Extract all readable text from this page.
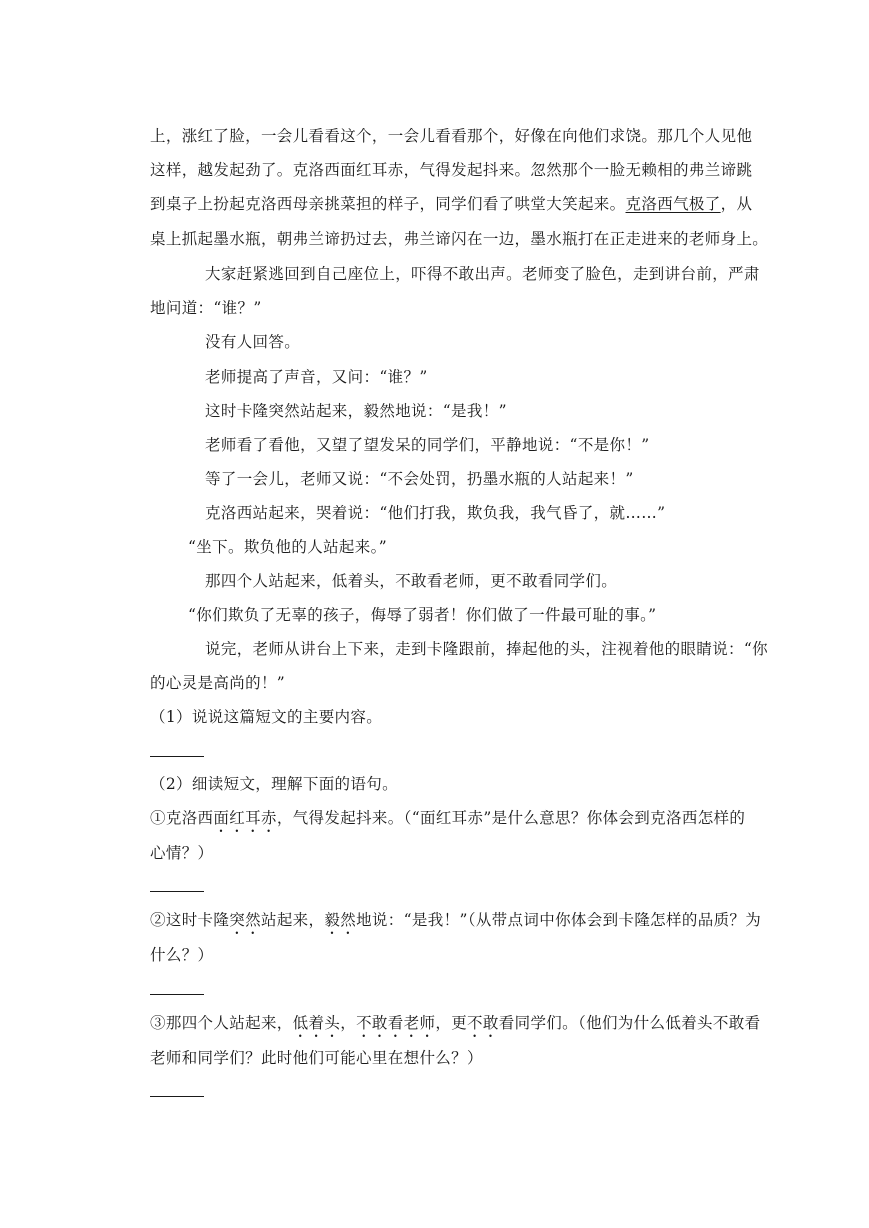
上，涨红了脸，一会儿看看这个，一会儿看看那个，好像在向他们求饶。那几个人见他
这样，越发起劲了。克洛西面红耳赤，气得发起抖来。忽然那个一脸无赖相的弗兰谛跳
到桌子上扮起克洛西母亲挑菜担的样子，同学们看了哄堂大笑起来。克洛西气极了，从
桌上抓起墨水瓶，朝弗兰谛扔过去，弗兰谛闪在一边，墨水瓶打在正走进来的老师身上。
大家赶紧逃回到自己座位上，吓得不敢出声。老师变了脸色，走到讲台前，严肃
地问道：“谁？”
没有人回答。
老师提高了声音，又问：“谁？”
这时卡隆突然站起来，毅然地说：“是我！”
老师看了看他，又望了望发呆的同学们，平静地说：“不是你！”
等了一会儿，老师又说：“不会处罚，扔墨水瓶的人站起来！”
克洛西站起来，哭着说：“他们打我，欺负我，我气昏了，就……”
“坐下。欺负他的人站起来。”
那四个人站起来，低着头，不敢看老师，更不敢看同学们。
“你们欺负了无辜的孩子，侮辱了弱者！你们做了一件最可耻的事。”
说完，老师从讲台上下来，走到卡隆跟前，捧起他的头，注视着他的眼睛说：“你
的心灵是高尚的！”
（1）说说这篇短文的主要内容。
（2）细读短文，理解下面的语句。
①克洛西面红耳赤，气得发起抖来。（“面红耳赤”是什么意思？你体会到克洛西怎样的
心情？）
②这时卡隆突然站起来，毅然地说：“是我！”（从带点词中你体会到卡隆怎样的品质？为
什么？）
③那四个人站起来，低着头，不敢看老师，更不敢看同学们。（他们为什么低着头不敢看
老师和同学们？此时他们可能心里在想什么？）
